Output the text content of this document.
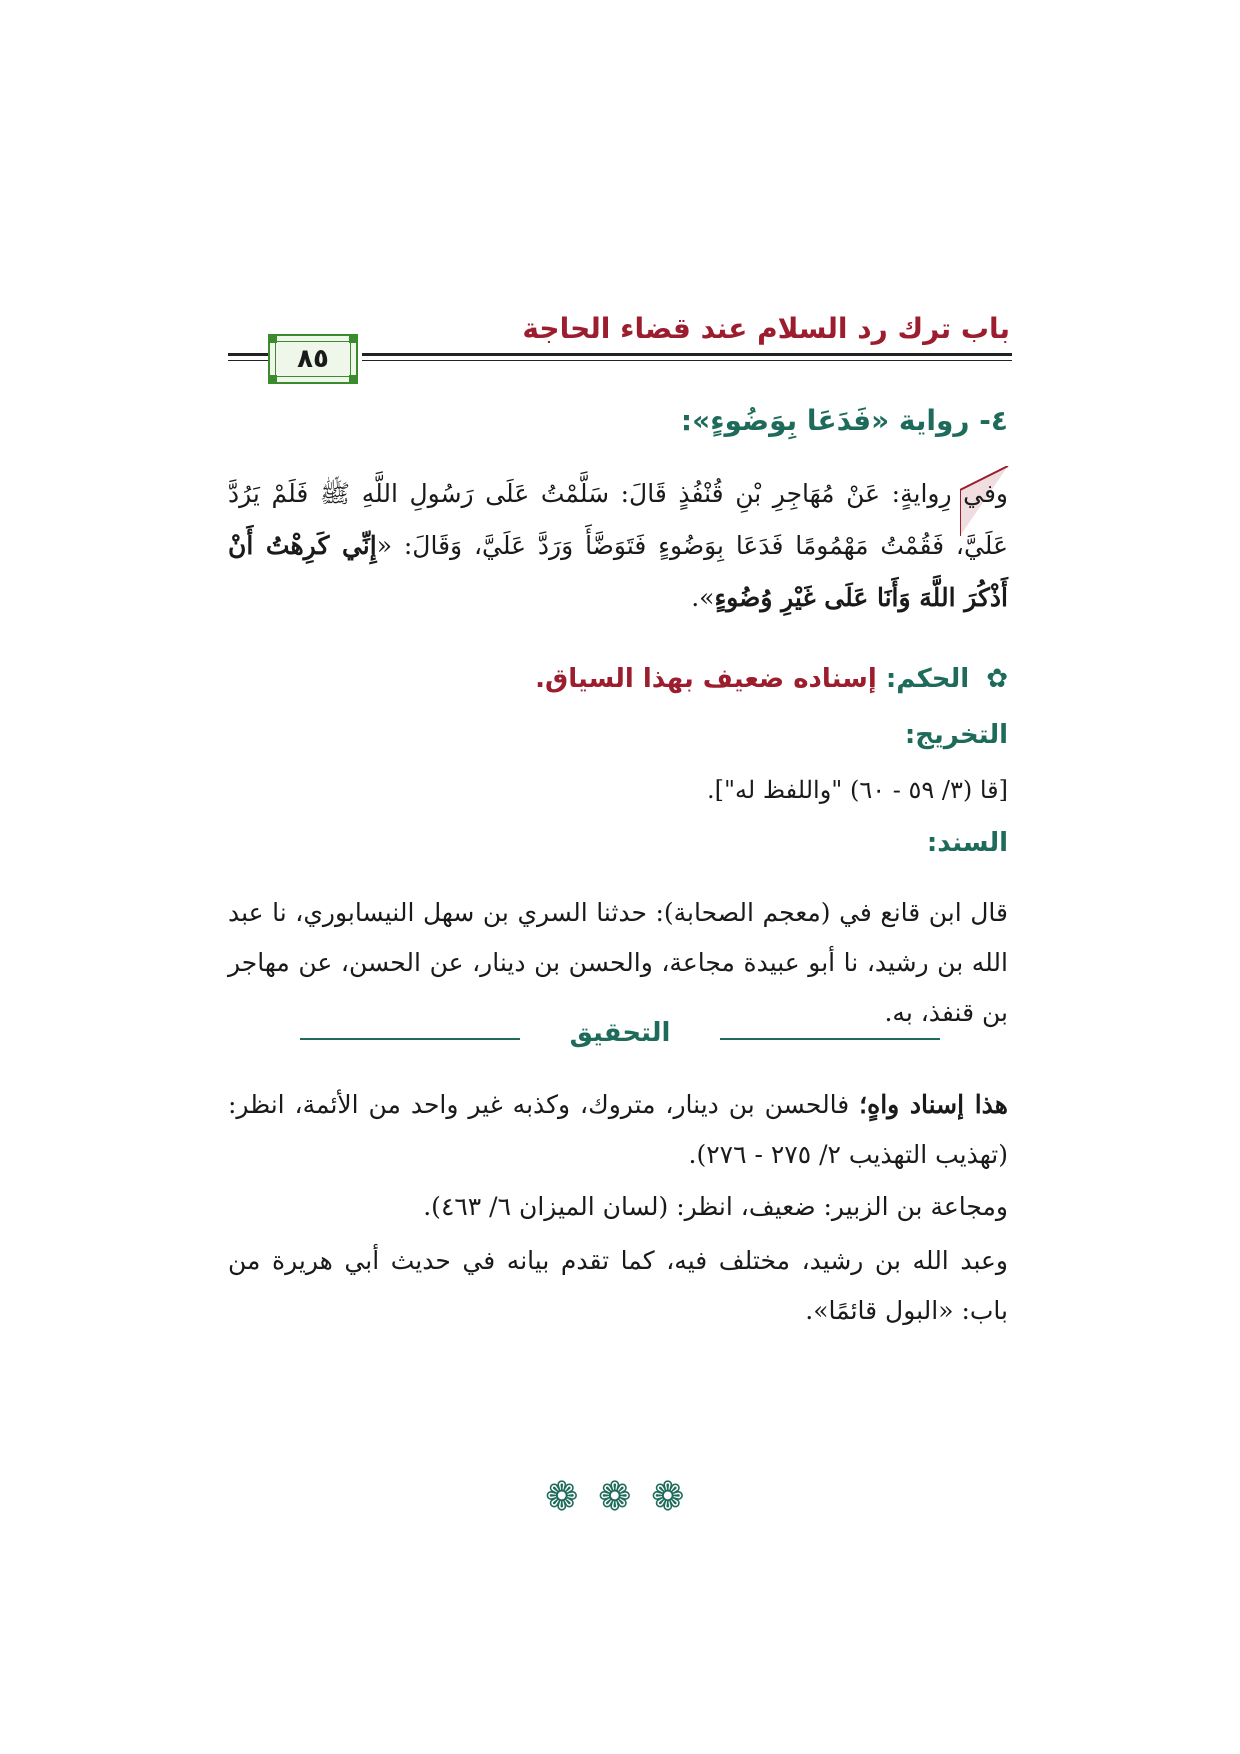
باب ترك رد السلام عند قضاء الحاجة
٨٥
٤- رواية «فَدَعَا بِوَضُوءٍ»:

وفي رِوايةٍ: عَنْ مُهَاجِرِ بْنِ قُنْفُذٍ قَالَ: سَلَّمْتُ عَلَى رَسُولِ اللَّهِ ﷺ فَلَمْ يَرُدَّ عَلَيَّ، فَقُمْتُ مَهْمُومًا فَدَعَا بِوَضُوءٍ فَتَوَضَّأَ وَرَدَّ عَلَيَّ، وَقَالَ: «إِنِّي كَرِهْتُ أَنْ أَذْكُرَ اللَّهَ وَأَنَا عَلَى غَيْرِ وُضُوءٍ».

✿ الحكم: إسناده ضعيف بهذا السياق.
التخريج:
[قا (٣/ ٥٩ - ٦٠) "واللفظ له"].
السند:

قال ابن قانع في (معجم الصحابة): حدثنا السري بن سهل النيسابوري، نا عبد الله بن رشيد، نا أبو عبيدة مجاعة، والحسن بن دينار، عن الحسن، عن مهاجر بن قنفذ، به.

التحقيق

هذا إسناد واهٍ؛ فالحسن بن دينار، متروك، وكذبه غير واحد من الأئمة، انظر: (تهذيب التهذيب ٢/ ٢٧٥ - ٢٧٦).

ومجاعة بن الزبير: ضعيف، انظر: (لسان الميزان ٦/ ٤٦٣).

وعبد الله بن رشيد، مختلف فيه، كما تقدم بيانه في حديث أبي هريرة من باب: «البول قائمًا».

❁ ❁ ❁
